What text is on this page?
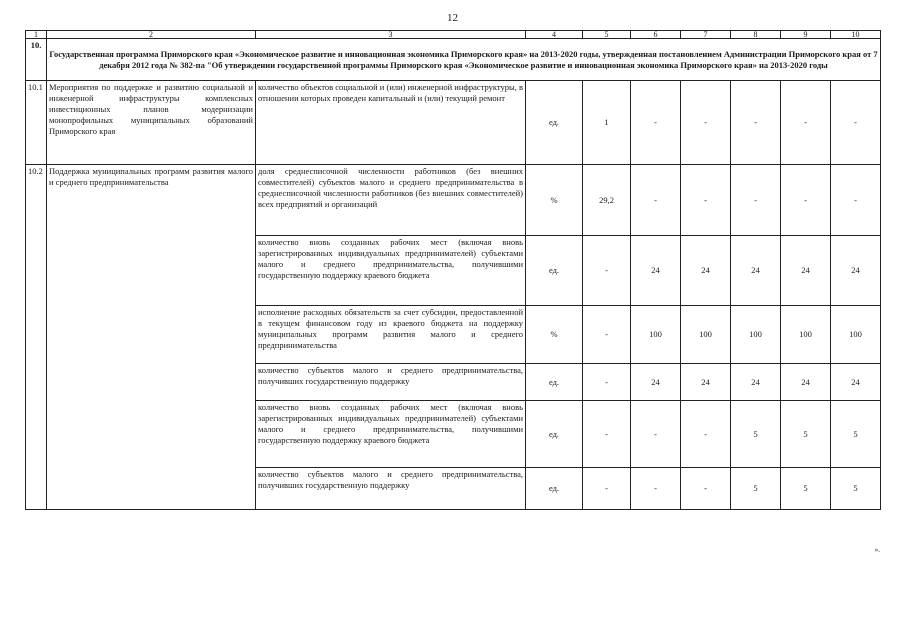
12
1	2	3	4	5	6	7	8	9	10
10.	Государственная программа Приморского края «Экономическое развитие и инновационная экономика Приморского края» на 2013-2020 годы, утвержденная постановлением Администрации Приморского края от 7 декабря 2012 года № 382-па "Об утверждении государственной программы Приморского края «Экономическое развитие и инновационная экономика Приморского края» на 2013-2020 годы								
10.1	Мероприятия по поддержке и развитию социальной и инженерной инфраструктуры комплексных инвестиционных планов модернизации монопрофильных муниципальных образований Приморского края	количество объектов социальной и (или) инженерной инфраструктуры, в отношении которых проведен капитальный и (или) текущий ремонт	ед.	1	-	-	-	-	-
10.2	Поддержка муниципальных программ развития малого и среднего предпринимательства	доля среднесписочной численности работников (без внешних совместителей) субъектов малого и среднего предпринимательства в среднесписочной численности работников (без внешних совместителей) всех предприятий и организаций	%	29,2	-	-	-	-	-
		количество вновь созданных рабочих мест (включая вновь зарегистрированных индивидуальных предпринимателей) субъектами малого и среднего предпринимательства, получившими государственную поддержку краевого бюджета	ед.	-	24	24	24	24	24
		исполнение расходных обязательств за счет субсидии, предоставленной в текущем финансовом году из краевого бюджета на поддержку муниципальных программ развития малого и среднего предпринимательства	%	-	100	100	100	100	100
		количество субъектов малого и среднего предпринимательства, получивших государственную поддержку	ед.	-	24	24	24	24	24
		количество вновь созданных рабочих мест (включая вновь зарегистрированных индивидуальных предпринимателей) субъектами малого и среднего предпринимательства, получившими государственную поддержку краевого бюджета	ед.	-	-	-	5	5	5
		количество субъектов малого и среднего предпринимательства, получивших государственную поддержку	ед.	-	-	-	5	5	5
».
